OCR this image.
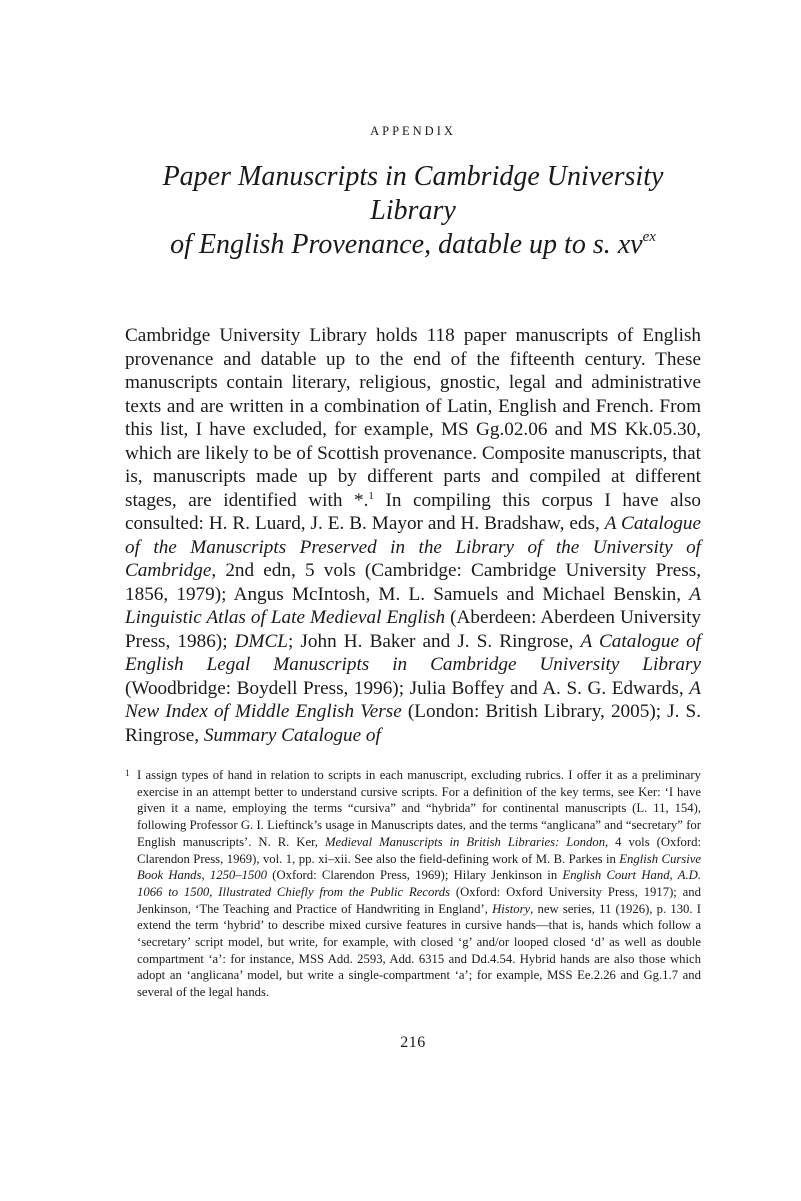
APPENDIX
Paper Manuscripts in Cambridge University Library
of English Provenance, datable up to s. $xv^{ex}$
Cambridge University Library holds 118 paper manuscripts of English provenance and datable up to the end of the fifteenth century. These manuscripts contain literary, religious, gnostic, legal and administrative texts and are written in a combination of Latin, English and French. From this list, I have excluded, for example, MS Gg.02.06 and MS Kk.05.30, which are likely to be of Scottish provenance. Composite manuscripts, that is, manuscripts made up by different parts and compiled at different stages, are identified with *.$^1$ In compiling this corpus I have also consulted: H. R. Luard, J. E. B. Mayor and H. Bradshaw, eds, A Catalogue of the Manuscripts Preserved in the Library of the University of Cambridge, 2nd edn, 5 vols (Cambridge: Cambridge University Press, 1856, 1979); Angus McIntosh, M. L. Samuels and Michael Benskin, A Linguistic Atlas of Late Medieval English (Aberdeen: Aberdeen University Press, 1986); DMCL; John H. Baker and J. S. Ringrose, A Catalogue of English Legal Manuscripts in Cambridge University Library (Woodbridge: Boydell Press, 1996); Julia Boffey and A. S. G. Edwards, A New Index of Middle English Verse (London: British Library, 2005); J. S. Ringrose, Summary Catalogue of
1 I assign types of hand in relation to scripts in each manuscript, excluding rubrics. I offer it as a preliminary exercise in an attempt better to understand cursive scripts. For a definition of the key terms, see Ker: ‘I have given it a name, employing the terms “cursiva” and “hybrida” for continental manuscripts (L. 11, 154), following Professor G. I. Lieftinck’s usage in Manuscripts dates, and the terms “anglicana” and “secretary” for English manuscripts’. N. R. Ker, Medieval Manuscripts in British Libraries: London, 4 vols (Oxford: Clarendon Press, 1969), vol. 1, pp. xi–xii. See also the field-defining work of M. B. Parkes in English Cursive Book Hands, 1250–1500 (Oxford: Clarendon Press, 1969); Hilary Jenkinson in English Court Hand, A.D. 1066 to 1500, Illustrated Chiefly from the Public Records (Oxford: Oxford University Press, 1917); and Jenkinson, ‘The Teaching and Practice of Handwriting in England’, History, new series, 11 (1926), p. 130. I extend the term ‘hybrid’ to describe mixed cursive features in cursive hands—that is, hands which follow a ‘secretary’ script model, but write, for example, with closed ‘g’ and/or looped closed ‘d’ as well as double compartment ‘a’: for instance, MSS Add. 2593, Add. 6315 and Dd.4.54. Hybrid hands are also those which adopt an ‘anglicana’ model, but write a single-compartment ‘a’; for example, MSS Ee.2.26 and Gg.1.7 and several of the legal hands.
216
